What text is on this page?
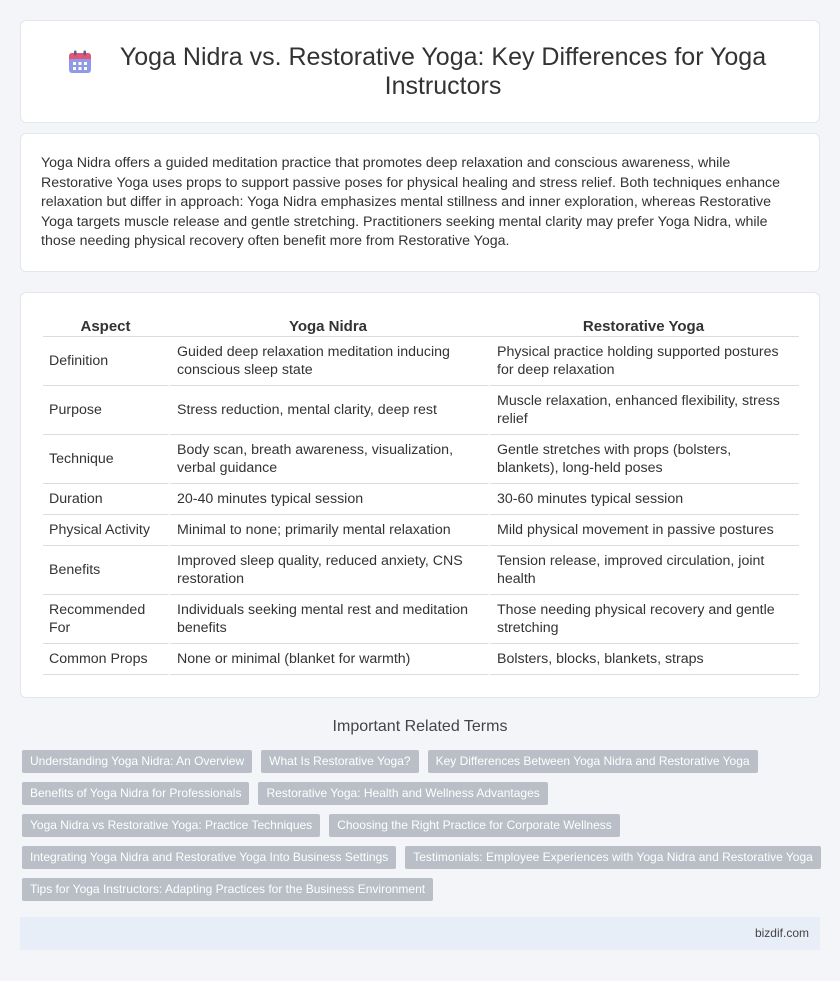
Yoga Nidra vs. Restorative Yoga: Key Differences for Yoga Instructors

Yoga Nidra offers a guided meditation practice that promotes deep relaxation and conscious awareness, while Restorative Yoga uses props to support passive poses for physical healing and stress relief. Both techniques enhance relaxation but differ in approach: Yoga Nidra emphasizes mental stillness and inner exploration, whereas Restorative Yoga targets muscle release and gentle stretching. Practitioners seeking mental clarity may prefer Yoga Nidra, while those needing physical recovery often benefit more from Restorative Yoga.

Aspect	Yoga Nidra	Restorative Yoga
Definition	Guided deep relaxation meditation inducing conscious sleep state	Physical practice holding supported postures for deep relaxation
Purpose	Stress reduction, mental clarity, deep rest	Muscle relaxation, enhanced flexibility, stress relief
Technique	Body scan, breath awareness, visualization, verbal guidance	Gentle stretches with props (bolsters, blankets), long-held poses
Duration	20-40 minutes typical session	30-60 minutes typical session
Physical Activity	Minimal to none; primarily mental relaxation	Mild physical movement in passive postures
Benefits	Improved sleep quality, reduced anxiety, CNS restoration	Tension release, improved circulation, joint health
Recommended For	Individuals seeking mental rest and meditation benefits	Those needing physical recovery and gentle stretching
Common Props	None or minimal (blanket for warmth)	Bolsters, blocks, blankets, straps
Important Related Terms
Understanding Yoga Nidra: An Overview	What Is Restorative Yoga?	Key Differences Between Yoga Nidra and Restorative Yoga
Benefits of Yoga Nidra for Professionals	Restorative Yoga: Health and Wellness Advantages
Yoga Nidra vs Restorative Yoga: Practice Techniques	Choosing the Right Practice for Corporate Wellness
Integrating Yoga Nidra and Restorative Yoga Into Business Settings	Testimonials: Employee Experiences with Yoga Nidra and Restorative Yoga
Tips for Yoga Instructors: Adapting Practices for the Business Environment
bizdif.com
